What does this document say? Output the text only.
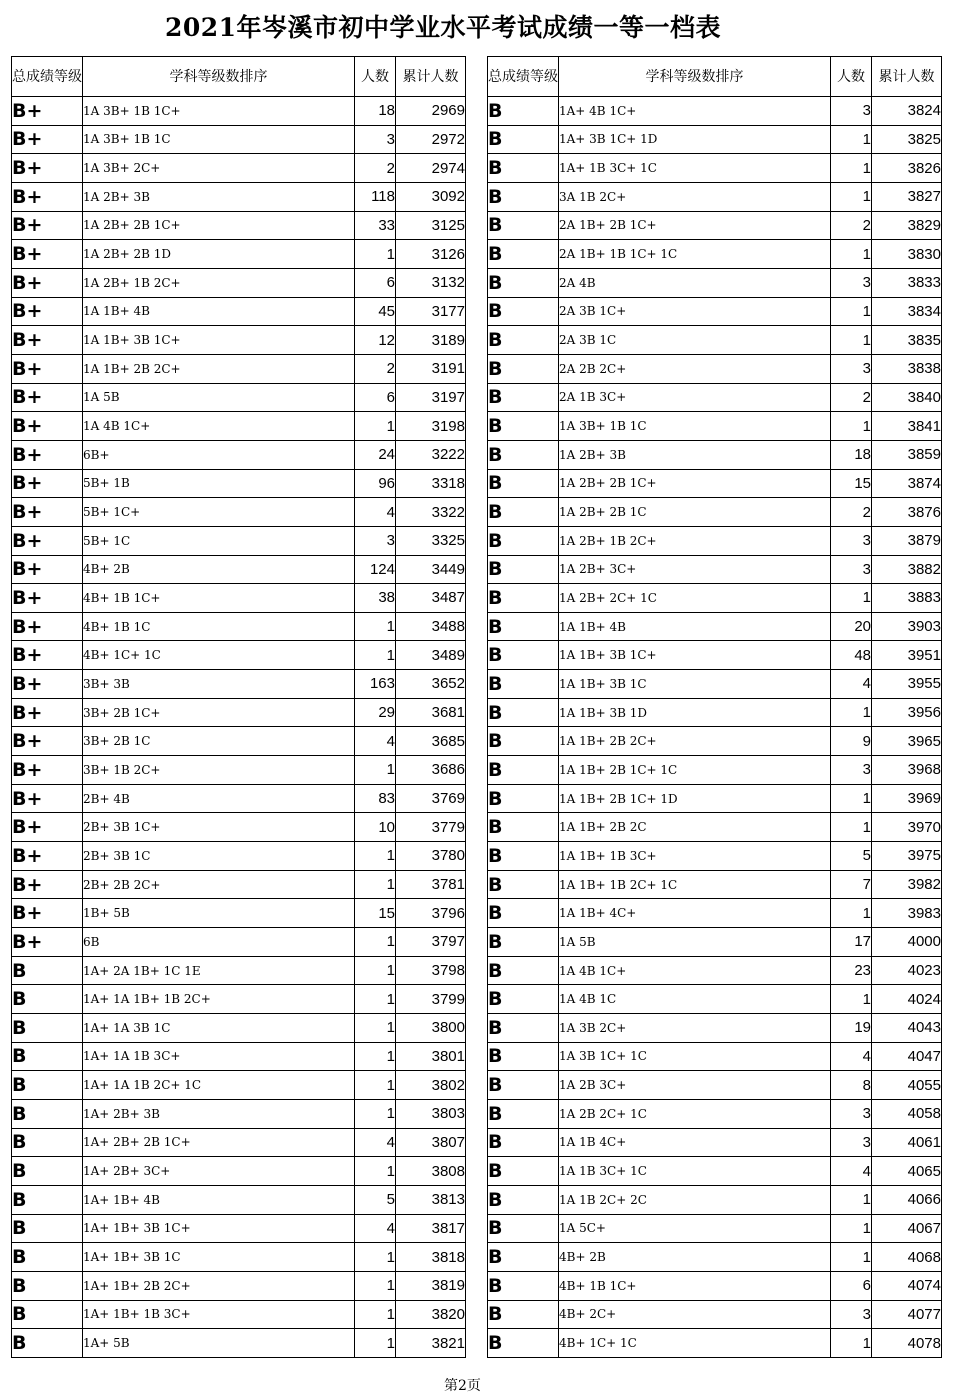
2021年岑溪市初中学业水平考试成绩一等一档表
总成绩等级	学科等级数排序	人数	累计人数
B+	1A 3B+ 1B 1C+	18	2969
B+	1A 3B+ 1B 1C	3	2972
B+	1A 3B+ 2C+	2	2974
B+	1A 2B+ 3B	118	3092
B+	1A 2B+ 2B 1C+	33	3125
B+	1A 2B+ 2B 1D	1	3126
B+	1A 2B+ 1B 2C+	6	3132
B+	1A 1B+ 4B	45	3177
B+	1A 1B+ 3B 1C+	12	3189
B+	1A 1B+ 2B 2C+	2	3191
B+	1A 5B	6	3197
B+	1A 4B 1C+	1	3198
B+	6B+	24	3222
B+	5B+ 1B	96	3318
B+	5B+ 1C+	4	3322
B+	5B+ 1C	3	3325
B+	4B+ 2B	124	3449
B+	4B+ 1B 1C+	38	3487
B+	4B+ 1B 1C	1	3488
B+	4B+ 1C+ 1C	1	3489
B+	3B+ 3B	163	3652
B+	3B+ 2B 1C+	29	3681
B+	3B+ 2B 1C	4	3685
B+	3B+ 1B 2C+	1	3686
B+	2B+ 4B	83	3769
B+	2B+ 3B 1C+	10	3779
B+	2B+ 3B 1C	1	3780
B+	2B+ 2B 2C+	1	3781
B+	1B+ 5B	15	3796
B+	6B	1	3797
B	1A+ 2A 1B+ 1C 1E	1	3798
B	1A+ 1A 1B+ 1B 2C+	1	3799
B	1A+ 1A 3B 1C	1	3800
B	1A+ 1A 1B 3C+	1	3801
B	1A+ 1A 1B 2C+ 1C	1	3802
B	1A+ 2B+ 3B	1	3803
B	1A+ 2B+ 2B 1C+	4	3807
B	1A+ 2B+ 3C+	1	3808
B	1A+ 1B+ 4B	5	3813
B	1A+ 1B+ 3B 1C+	4	3817
B	1A+ 1B+ 3B 1C	1	3818
B	1A+ 1B+ 2B 2C+	1	3819
B	1A+ 1B+ 1B 3C+	1	3820
B	1A+ 5B	1	3821
总成绩等级	学科等级数排序	人数	累计人数
B	1A+ 4B 1C+	3	3824
B	1A+ 3B 1C+ 1D	1	3825
B	1A+ 1B 3C+ 1C	1	3826
B	3A 1B 2C+	1	3827
B	2A 1B+ 2B 1C+	2	3829
B	2A 1B+ 1B 1C+ 1C	1	3830
B	2A 4B	3	3833
B	2A 3B 1C+	1	3834
B	2A 3B 1C	1	3835
B	2A 2B 2C+	3	3838
B	2A 1B 3C+	2	3840
B	1A 3B+ 1B 1C	1	3841
B	1A 2B+ 3B	18	3859
B	1A 2B+ 2B 1C+	15	3874
B	1A 2B+ 2B 1C	2	3876
B	1A 2B+ 1B 2C+	3	3879
B	1A 2B+ 3C+	3	3882
B	1A 2B+ 2C+ 1C	1	3883
B	1A 1B+ 4B	20	3903
B	1A 1B+ 3B 1C+	48	3951
B	1A 1B+ 3B 1C	4	3955
B	1A 1B+ 3B 1D	1	3956
B	1A 1B+ 2B 2C+	9	3965
B	1A 1B+ 2B 1C+ 1C	3	3968
B	1A 1B+ 2B 1C+ 1D	1	3969
B	1A 1B+ 2B 2C	1	3970
B	1A 1B+ 1B 3C+	5	3975
B	1A 1B+ 1B 2C+ 1C	7	3982
B	1A 1B+ 4C+	1	3983
B	1A 5B	17	4000
B	1A 4B 1C+	23	4023
B	1A 4B 1C	1	4024
B	1A 3B 2C+	19	4043
B	1A 3B 1C+ 1C	4	4047
B	1A 2B 3C+	8	4055
B	1A 2B 2C+ 1C	3	4058
B	1A 1B 4C+	3	4061
B	1A 1B 3C+ 1C	4	4065
B	1A 1B 2C+ 2C	1	4066
B	1A 5C+	1	4067
B	4B+ 2B	1	4068
B	4B+ 1B 1C+	6	4074
B	4B+ 2C+	3	4077
B	4B+ 1C+ 1C	1	4078
第2页
